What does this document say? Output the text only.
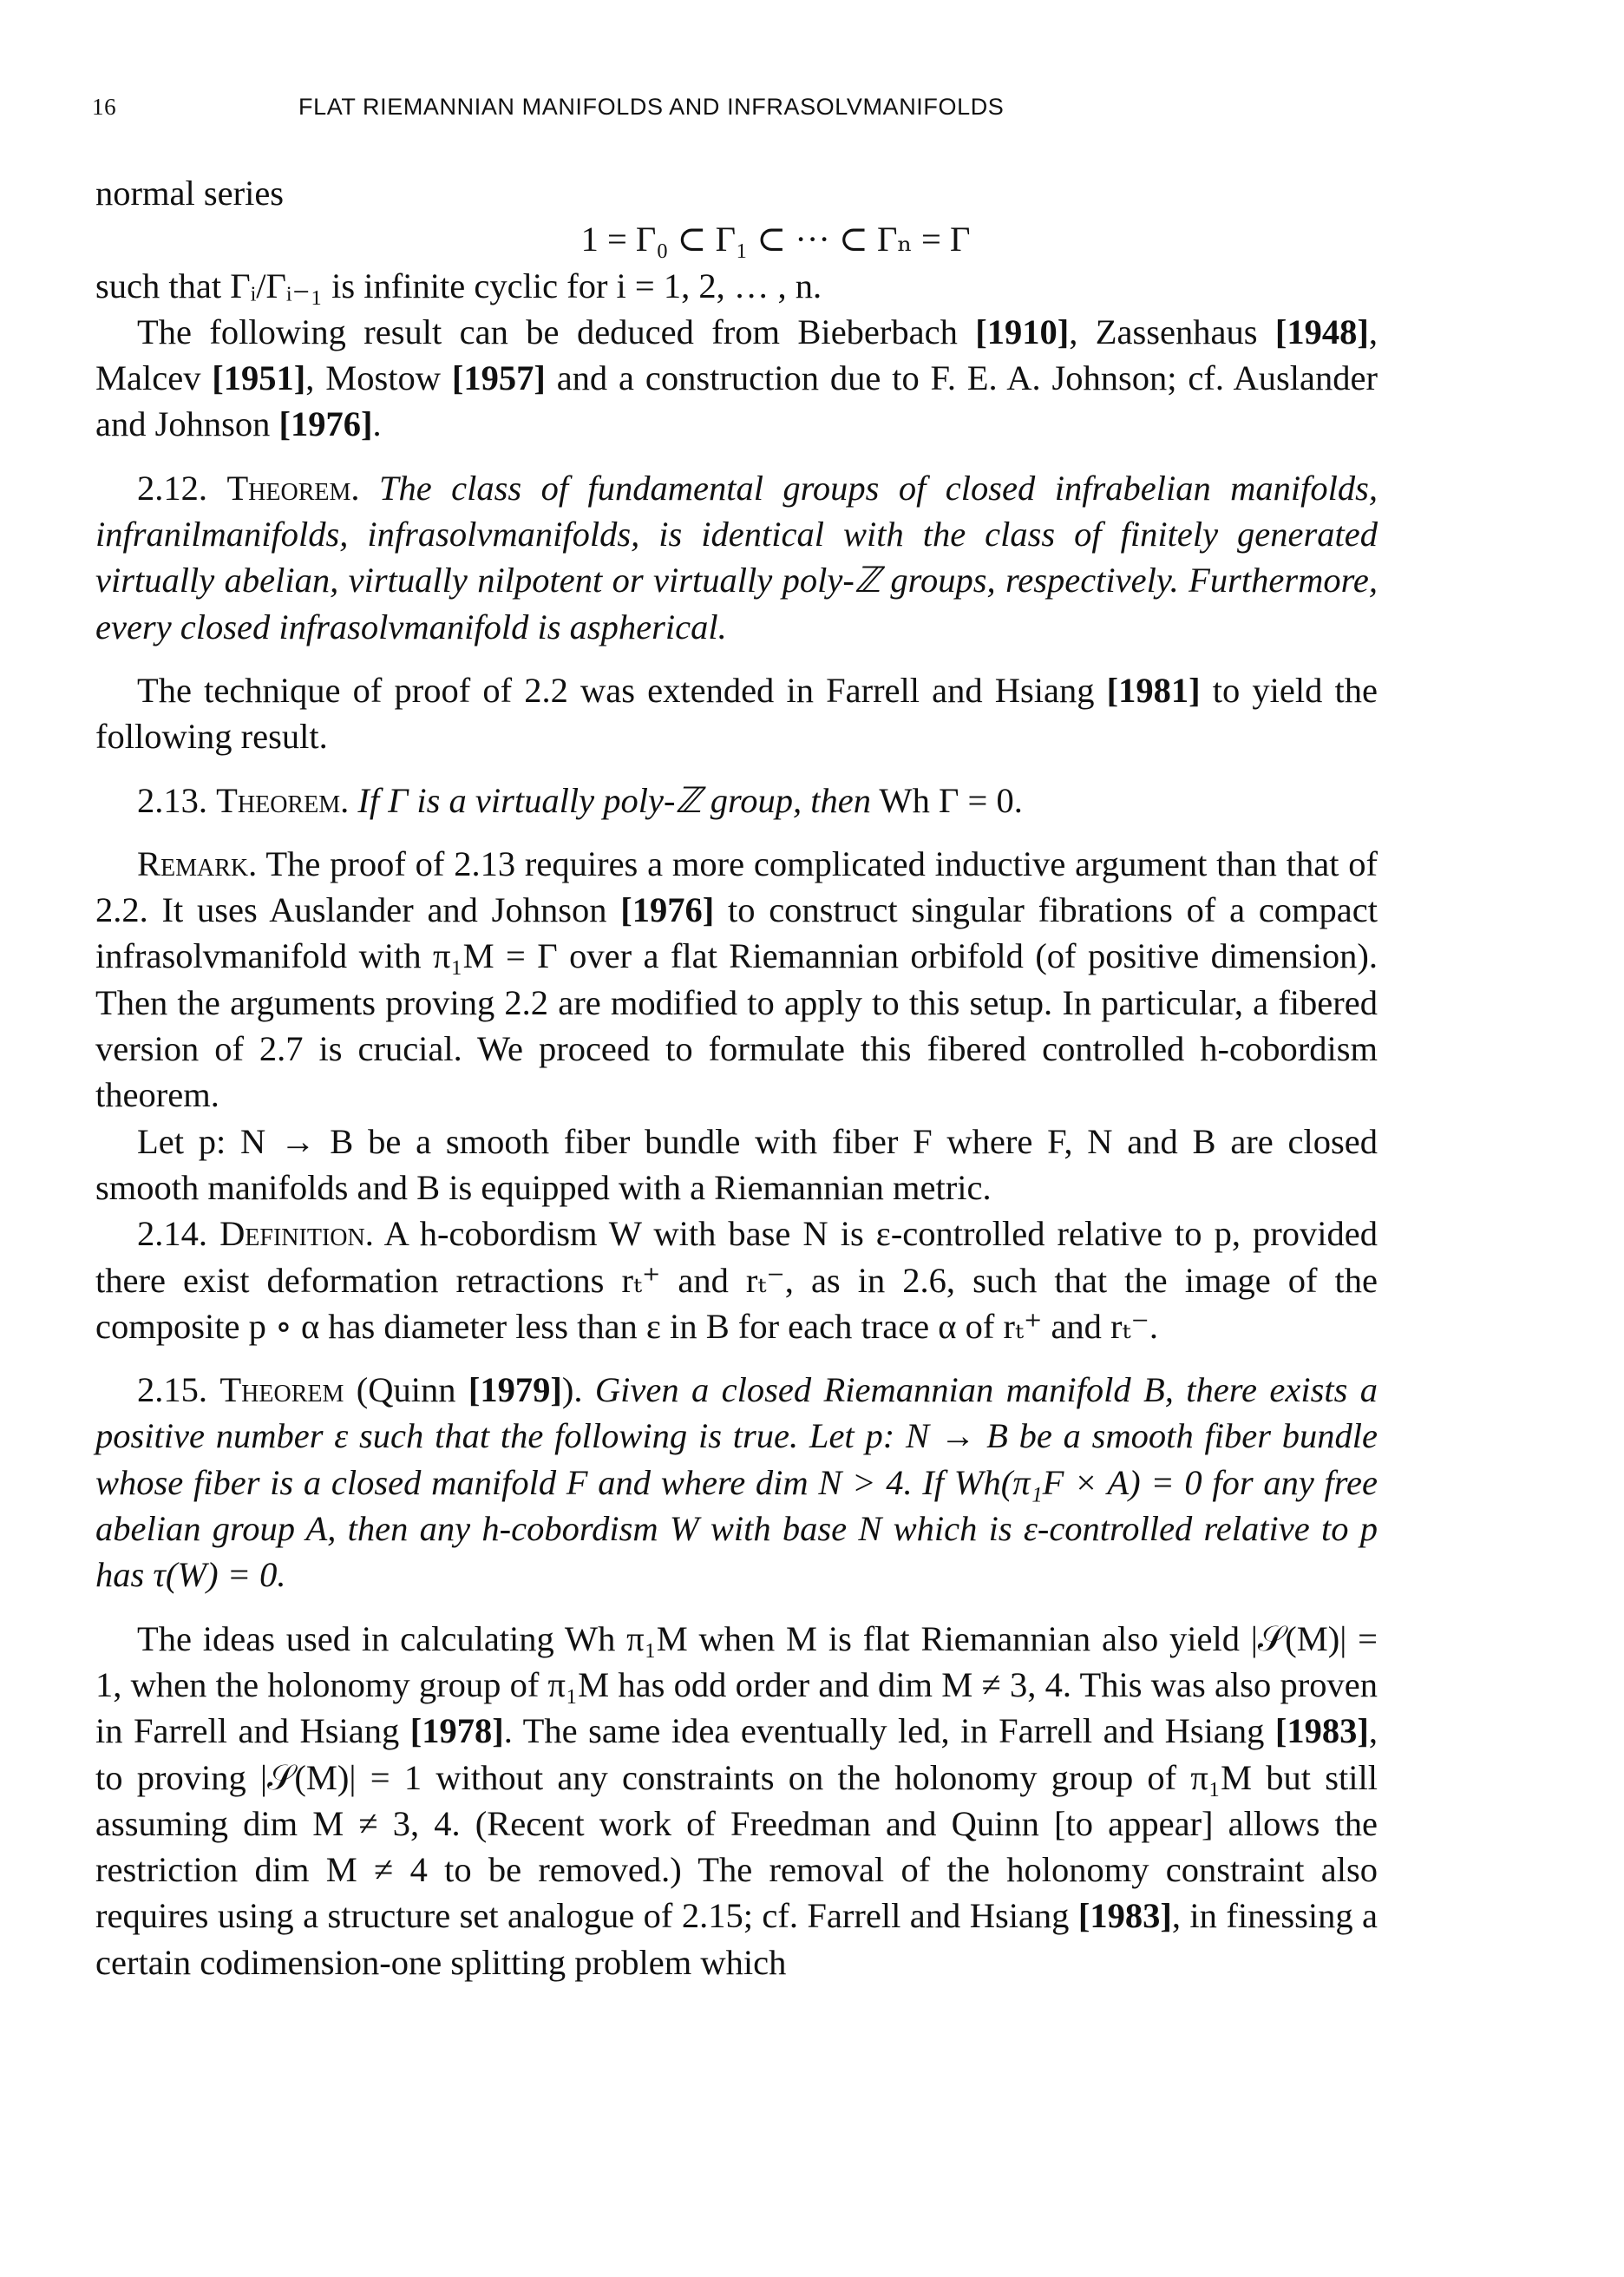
16	FLAT RIEMANNIAN MANIFOLDS AND INFRASOLVMANIFOLDS

normal series

1 = Γ₀ ⊂ Γ₁ ⊂ ··· ⊂ Γₙ = Γ

such that Γᵢ/Γᵢ₋₁ is infinite cyclic for i = 1, 2, … , n.

The following result can be deduced from Bieberbach [1910], Zassenhaus [1948], Malcev [1951], Mostow [1957] and a construction due to F. E. A. Johnson; cf. Auslander and Johnson [1976].

2.12. Theorem. The class of fundamental groups of closed infrabelian manifolds, infranilmanifolds, infrasolvmanifolds, is identical with the class of finitely generated virtually abelian, virtually nilpotent or virtually poly-ℤ groups, respectively. Furthermore, every closed infrasolvmanifold is aspherical.

The technique of proof of 2.2 was extended in Farrell and Hsiang [1981] to yield the following result.

2.13. Theorem. If Γ is a virtually poly-ℤ group, then Wh Γ = 0.

Remark. The proof of 2.13 requires a more complicated inductive argument than that of 2.2. It uses Auslander and Johnson [1976] to construct singular fibrations of a compact infrasolvmanifold with π₁M = Γ over a flat Riemannian orbifold (of positive dimension). Then the arguments proving 2.2 are modified to apply to this setup. In particular, a fibered version of 2.7 is crucial. We proceed to formulate this fibered controlled h-cobordism theorem.

Let p: N → B be a smooth fiber bundle with fiber F where F, N and B are closed smooth manifolds and B is equipped with a Riemannian metric.

2.14. Definition. A h-cobordism W with base N is ε-controlled relative to p, provided there exist deformation retractions rₜ⁺ and rₜ⁻, as in 2.6, such that the image of the composite p ∘ α has diameter less than ε in B for each trace α of rₜ⁺ and rₜ⁻.

2.15. Theorem (Quinn [1979]). Given a closed Riemannian manifold B, there exists a positive number ε such that the following is true. Let p: N → B be a smooth fiber bundle whose fiber is a closed manifold F and where dim N > 4. If Wh(π₁F × A) = 0 for any free abelian group A, then any h-cobordism W with base N which is ε-controlled relative to p has τ(W) = 0.

The ideas used in calculating Wh π₁M when M is flat Riemannian also yield |𝒮(M)| = 1, when the holonomy group of π₁M has odd order and dim M ≠ 3, 4. This was also proven in Farrell and Hsiang [1978]. The same idea eventually led, in Farrell and Hsiang [1983], to proving |𝒮(M)| = 1 without any constraints on the holonomy group of π₁M but still assuming dim M ≠ 3, 4. (Recent work of Freedman and Quinn [to appear] allows the restriction dim M ≠ 4 to be removed.) The removal of the holonomy constraint also requires using a structure set analogue of 2.15; cf. Farrell and Hsiang [1983], in finessing a certain codimension-one splitting problem which
